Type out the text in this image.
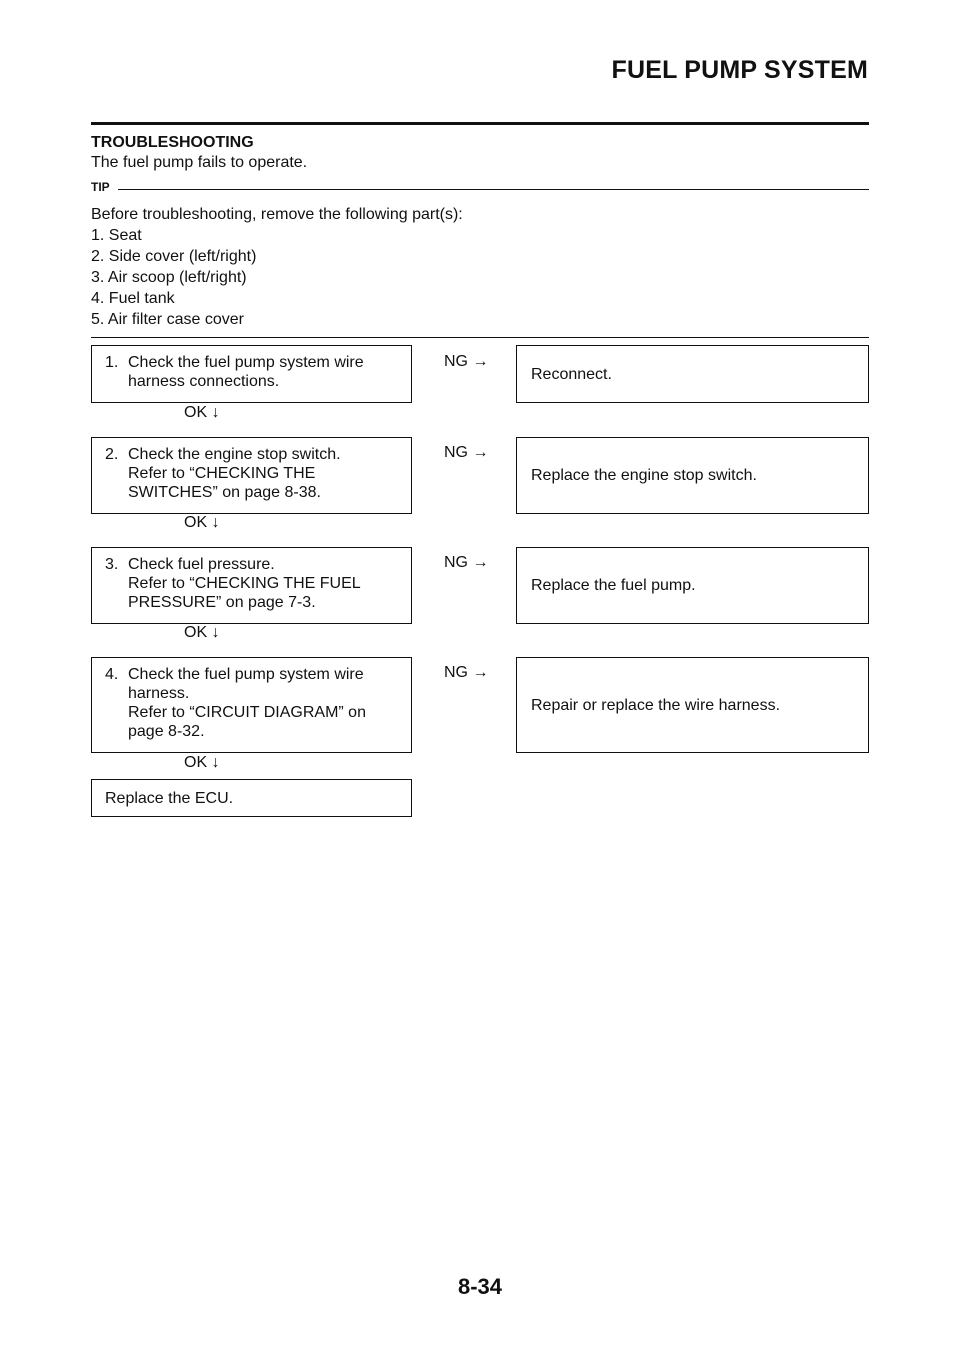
FUEL PUMP SYSTEM
TROUBLESHOOTING
The fuel pump fails to operate.
TIP
Before troubleshooting, remove the following part(s):
1. Seat
2. Side cover (left/right)
3. Air scoop (left/right)
4. Fuel tank
5. Air filter case cover
1. Check the fuel pump system wire
harness connections.
NG →
Reconnect.
OK ↓
2. Check the engine stop switch.
Refer to “CHECKING THE
SWITCHES” on page 8-38.
NG →
Replace the engine stop switch.
OK ↓
3. Check fuel pressure.
Refer to “CHECKING THE FUEL
PRESSURE” on page 7-3.
NG →
Replace the fuel pump.
OK ↓
4. Check the fuel pump system wire
harness.
Refer to “CIRCUIT DIAGRAM” on
page 8-32.
NG →
Repair or replace the wire harness.
OK ↓
Replace the ECU.
8-34
